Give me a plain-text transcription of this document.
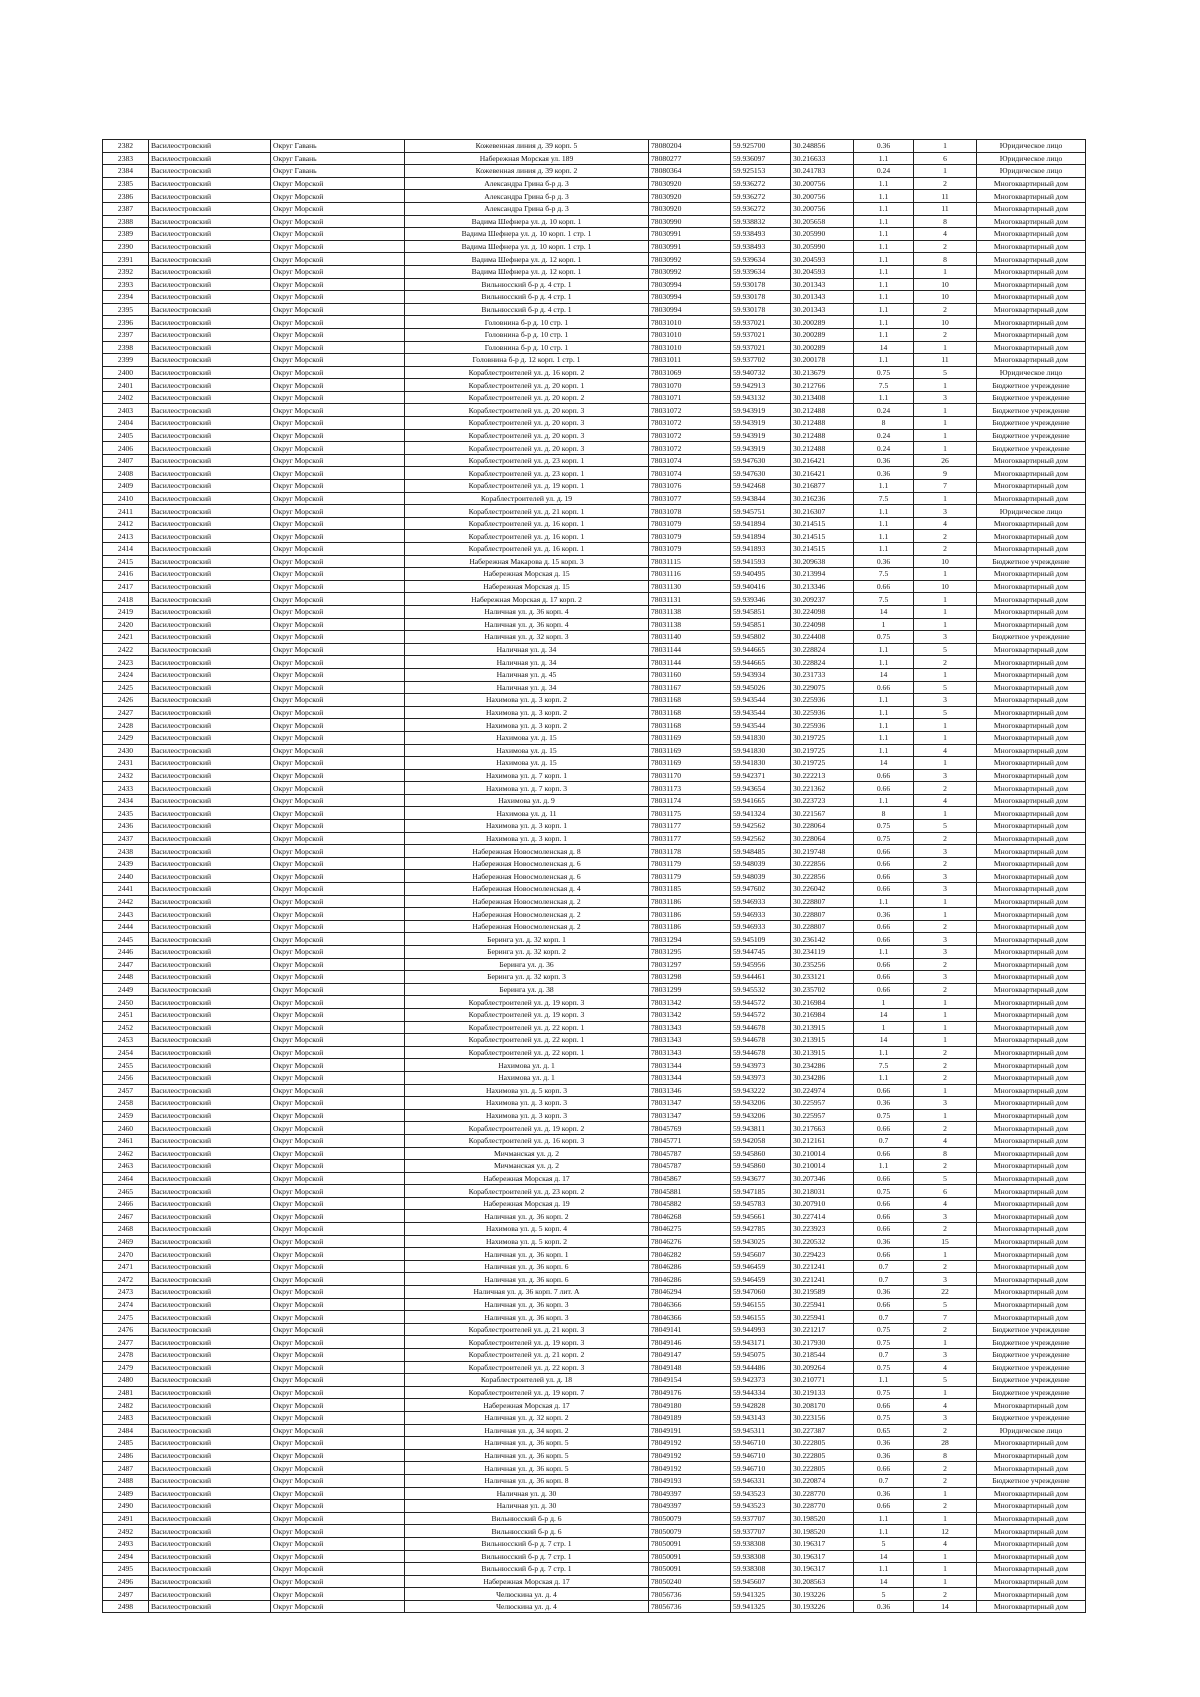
2382	Василеостровский	Округ Гавань	Кожевенная линия д. 39 корп. 5	78080204	59.925700	30.248856	0.36	1	Юридическое лицо
2383	Василеостровский	Округ Гавань	Набережная Морская ул. 189	78080277	59.936097	30.216633	1.1	6	Юридическое лицо
2384	Василеостровский	Округ Гавань	Кожевенная линия д. 39 корп. 2	78080364	59.925153	30.241783	0.24	1	Юридическое лицо
2385	Василеостровский	Округ Морской	Александра Грина б-р д. 3	78030920	59.936272	30.200756	1.1	2	Многоквартирный дом
2386	Василеостровский	Округ Морской	Александра Грина б-р д. 3	78030920	59.936272	30.200756	1.1	11	Многоквартирный дом
2387	Василеостровский	Округ Морской	Александра Грина б-р д. 3	78030920	59.936272	30.200756	1.1	11	Многоквартирный дом
2388	Василеостровский	Округ Морской	Вадима Шефнера ул. д. 10 корп. 1	78030990	59.938832	30.205658	1.1	8	Многоквартирный дом
2389	Василеостровский	Округ Морской	Вадима Шефнера ул. д. 10 корп. 1 стр. 1	78030991	59.938493	30.205990	1.1	4	Многоквартирный дом
2390	Василеостровский	Округ Морской	Вадима Шефнера ул. д. 10 корп. 1 стр. 1	78030991	59.938493	30.205990	1.1	2	Многоквартирный дом
2391	Василеостровский	Округ Морской	Вадима Шефнера ул. д. 12 корп. 1	78030992	59.939634	30.204593	1.1	8	Многоквартирный дом
2392	Василеостровский	Округ Морской	Вадима Шефнера ул. д. 12 корп. 1	78030992	59.939634	30.204593	1.1	1	Многоквартирный дом
2393	Василеостровский	Округ Морской	Вильнюсский б-р д. 4 стр. 1	78030994	59.930178	30.201343	1.1	10	Многоквартирный дом
2394	Василеостровский	Округ Морской	Вильнюсский б-р д. 4 стр. 1	78030994	59.930178	30.201343	1.1	10	Многоквартирный дом
2395	Василеостровский	Округ Морской	Вильнюсский б-р д. 4 стр. 1	78030994	59.930178	30.201343	1.1	2	Многоквартирный дом
2396	Василеостровский	Округ Морской	Головнина б-р д. 10 стр. 1	78031010	59.937021	30.200289	1.1	10	Многоквартирный дом
2397	Василеостровский	Округ Морской	Головнина б-р д. 10 стр. 1	78031010	59.937021	30.200289	1.1	2	Многоквартирный дом
2398	Василеостровский	Округ Морской	Головнина б-р д. 10 стр. 1	78031010	59.937021	30.200289	14	1	Многоквартирный дом
2399	Василеостровский	Округ Морской	Головнина б-р д. 12 корп. 1 стр. 1	78031011	59.937702	30.200178	1.1	11	Многоквартирный дом
2400	Василеостровский	Округ Морской	Кораблестроителей ул. д. 16 корп. 2	78031069	59.940732	30.213679	0.75	5	Юридическое лицо
2401	Василеостровский	Округ Морской	Кораблестроителей ул. д. 20 корп. 1	78031070	59.942913	30.212766	7.5	1	Бюджетное учреждение
2402	Василеостровский	Округ Морской	Кораблестроителей ул. д. 20 корп. 2	78031071	59.943132	30.213408	1.1	3	Бюджетное учреждение
2403	Василеостровский	Округ Морской	Кораблестроителей ул. д. 20 корп. 3	78031072	59.943919	30.212488	0.24	1	Бюджетное учреждение
2404	Василеостровский	Округ Морской	Кораблестроителей ул. д. 20 корп. 3	78031072	59.943919	30.212488	8	1	Бюджетное учреждение
2405	Василеостровский	Округ Морской	Кораблестроителей ул. д. 20 корп. 3	78031072	59.943919	30.212488	0.24	1	Бюджетное учреждение
2406	Василеостровский	Округ Морской	Кораблестроителей ул. д. 20 корп. 3	78031072	59.943919	30.212488	0.24	1	Бюджетное учреждение
2407	Василеостровский	Округ Морской	Кораблестроителей ул. д. 23 корп. 1	78031074	59.947630	30.216421	0.36	26	Многоквартирный дом
2408	Василеостровский	Округ Морской	Кораблестроителей ул. д. 23 корп. 1	78031074	59.947630	30.216421	0.36	9	Многоквартирный дом
2409	Василеостровский	Округ Морской	Кораблестроителей ул. д. 19 корп. 1	78031076	59.942468	30.216877	1.1	7	Многоквартирный дом
2410	Василеостровский	Округ Морской	Кораблестроителей ул. д. 19	78031077	59.943844	30.216236	7.5	1	Многоквартирный дом
2411	Василеостровский	Округ Морской	Кораблестроителей ул. д. 21 корп. 1	78031078	59.945751	30.216307	1.1	3	Юридическое лицо
2412	Василеостровский	Округ Морской	Кораблестроителей ул. д. 16 корп. 1	78031079	59.941894	30.214515	1.1	4	Многоквартирный дом
2413	Василеостровский	Округ Морской	Кораблестроителей ул. д. 16 корп. 1	78031079	59.941894	30.214515	1.1	2	Многоквартирный дом
2414	Василеостровский	Округ Морской	Кораблестроителей ул. д. 16 корп. 1	78031079	59.941893	30.214515	1.1	2	Многоквартирный дом
2415	Василеостровский	Округ Морской	Набережная Макарова д. 15 корп. 3	78031115	59.941593	30.209638	0.36	10	Бюджетное учреждение
2416	Василеостровский	Округ Морской	Набережная Морская д. 15	78031116	59.940495	30.213994	7.5	1	Многоквартирный дом
2417	Василеостровский	Округ Морской	Набережная Морская д. 15	78031130	59.940416	30.213346	0.66	10	Многоквартирный дом
2418	Василеостровский	Округ Морской	Набережная Морская д. 17 корп. 2	78031131	59.939346	30.209237	7.5	1	Многоквартирный дом
2419	Василеостровский	Округ Морской	Наличная ул. д. 36 корп. 4	78031138	59.945851	30.224098	14	1	Многоквартирный дом
2420	Василеостровский	Округ Морской	Наличная ул. д. 36 корп. 4	78031138	59.945851	30.224098	1	1	Многоквартирный дом
2421	Василеостровский	Округ Морской	Наличная ул. д. 32 корп. 3	78031140	59.945802	30.224408	0.75	3	Бюджетное учреждение
2422	Василеостровский	Округ Морской	Наличная ул. д. 34	78031144	59.944665	30.228824	1.1	5	Многоквартирный дом
2423	Василеостровский	Округ Морской	Наличная ул. д. 34	78031144	59.944665	30.228824	1.1	2	Многоквартирный дом
2424	Василеостровский	Округ Морской	Наличная ул. д. 45	78031160	59.943934	30.231733	14	1	Многоквартирный дом
2425	Василеостровский	Округ Морской	Наличная ул. д. 34	78031167	59.945026	30.229075	0.66	5	Многоквартирный дом
2426	Василеостровский	Округ Морской	Нахимова ул. д. 3 корп. 2	78031168	59.943544	30.225936	1.1	3	Многоквартирный дом
2427	Василеостровский	Округ Морской	Нахимова ул. д. 3 корп. 2	78031168	59.943544	30.225936	1.1	5	Многоквартирный дом
2428	Василеостровский	Округ Морской	Нахимова ул. д. 3 корп. 2	78031168	59.943544	30.225936	1.1	1	Многоквартирный дом
2429	Василеостровский	Округ Морской	Нахимова ул. д. 15	78031169	59.941830	30.219725	1.1	1	Многоквартирный дом
2430	Василеостровский	Округ Морской	Нахимова ул. д. 15	78031169	59.941830	30.219725	1.1	4	Многоквартирный дом
2431	Василеостровский	Округ Морской	Нахимова ул. д. 15	78031169	59.941830	30.219725	14	1	Многоквартирный дом
2432	Василеостровский	Округ Морской	Нахимова ул. д. 7 корп. 1	78031170	59.942371	30.222213	0.66	3	Многоквартирный дом
2433	Василеостровский	Округ Морской	Нахимова ул. д. 7 корп. 3	78031173	59.943654	30.221362	0.66	2	Многоквартирный дом
2434	Василеостровский	Округ Морской	Нахимова ул. д. 9	78031174	59.941665	30.223723	1.1	4	Многоквартирный дом
2435	Василеостровский	Округ Морской	Нахимова ул. д. 11	78031175	59.941324	30.221567	8	1	Многоквартирный дом
2436	Василеостровский	Округ Морской	Нахимова ул. д. 3 корп. 1	78031177	59.942562	30.228064	0.75	5	Многоквартирный дом
2437	Василеостровский	Округ Морской	Нахимова ул. д. 3 корп. 1	78031177	59.942562	30.228064	0.75	2	Многоквартирный дом
2438	Василеостровский	Округ Морской	Набережная Новосмоленская д. 8	78031178	59.948485	30.219748	0.66	3	Многоквартирный дом
2439	Василеостровский	Округ Морской	Набережная Новосмоленская д. 6	78031179	59.948039	30.222856	0.66	2	Многоквартирный дом
2440	Василеостровский	Округ Морской	Набережная Новосмоленская д. 6	78031179	59.948039	30.222856	0.66	3	Многоквартирный дом
2441	Василеостровский	Округ Морской	Набережная Новосмоленская д. 4	78031185	59.947602	30.226042	0.66	3	Многоквартирный дом
2442	Василеостровский	Округ Морской	Набережная Новосмоленская д. 2	78031186	59.946933	30.228807	1.1	1	Многоквартирный дом
2443	Василеостровский	Округ Морской	Набережная Новосмоленская д. 2	78031186	59.946933	30.228807	0.36	1	Многоквартирный дом
2444	Василеостровский	Округ Морской	Набережная Новосмоленская д. 2	78031186	59.946933	30.228807	0.66	2	Многоквартирный дом
2445	Василеостровский	Округ Морской	Беринга ул. д. 32 корп. 1	78031294	59.945109	30.236142	0.66	3	Многоквартирный дом
2446	Василеостровский	Округ Морской	Беринга ул. д. 32 корп. 2	78031295	59.944745	30.234119	1.1	3	Многоквартирный дом
2447	Василеостровский	Округ Морской	Беринга ул. д. 36	78031297	59.945956	30.235256	0.66	2	Многоквартирный дом
2448	Василеостровский	Округ Морской	Беринга ул. д. 32 корп. 3	78031298	59.944461	30.233121	0.66	3	Многоквартирный дом
2449	Василеостровский	Округ Морской	Беринга ул. д. 38	78031299	59.945532	30.235702	0.66	2	Многоквартирный дом
2450	Василеостровский	Округ Морской	Кораблестроителей ул. д. 19 корп. 3	78031342	59.944572	30.216984	1	1	Многоквартирный дом
2451	Василеостровский	Округ Морской	Кораблестроителей ул. д. 19 корп. 3	78031342	59.944572	30.216984	14	1	Многоквартирный дом
2452	Василеостровский	Округ Морской	Кораблестроителей ул. д. 22 корп. 1	78031343	59.944678	30.213915	1	1	Многоквартирный дом
2453	Василеостровский	Округ Морской	Кораблестроителей ул. д. 22 корп. 1	78031343	59.944678	30.213915	14	1	Многоквартирный дом
2454	Василеостровский	Округ Морской	Кораблестроителей ул. д. 22 корп. 1	78031343	59.944678	30.213915	1.1	2	Многоквартирный дом
2455	Василеостровский	Округ Морской	Нахимова ул. д. 1	78031344	59.943973	30.234286	7.5	2	Многоквартирный дом
2456	Василеостровский	Округ Морской	Нахимова ул. д. 1	78031344	59.943973	30.234286	1.1	2	Многоквартирный дом
2457	Василеостровский	Округ Морской	Нахимова ул. д. 5 корп. 3	78031346	59.943222	30.224974	0.66	1	Многоквартирный дом
2458	Василеостровский	Округ Морской	Нахимова ул. д. 3 корп. 3	78031347	59.943206	30.225957	0.36	3	Многоквартирный дом
2459	Василеостровский	Округ Морской	Нахимова ул. д. 3 корп. 3	78031347	59.943206	30.225957	0.75	1	Многоквартирный дом
2460	Василеостровский	Округ Морской	Кораблестроителей ул. д. 19 корп. 2	78045769	59.943811	30.217663	0.66	2	Многоквартирный дом
2461	Василеостровский	Округ Морской	Кораблестроителей ул. д. 16 корп. 3	78045771	59.942058	30.212161	0.7	4	Многоквартирный дом
2462	Василеостровский	Округ Морской	Мичманская ул. д. 2	78045787	59.945860	30.210014	0.66	8	Многоквартирный дом
2463	Василеостровский	Округ Морской	Мичманская ул. д. 2	78045787	59.945860	30.210014	1.1	2	Многоквартирный дом
2464	Василеостровский	Округ Морской	Набережная Морская д. 17	78045867	59.943677	30.207346	0.66	5	Многоквартирный дом
2465	Василеостровский	Округ Морской	Кораблестроителей ул. д. 23 корп. 2	78045881	59.947185	30.218031	0.75	6	Многоквартирный дом
2466	Василеостровский	Округ Морской	Набережная Морская д. 19	78045882	59.945783	30.207910	0.66	4	Многоквартирный дом
2467	Василеостровский	Округ Морской	Наличная ул. д. 36 корп. 2	78046268	59.945661	30.227414	0.66	3	Многоквартирный дом
2468	Василеостровский	Округ Морской	Нахимова ул. д. 5 корп. 4	78046275	59.942785	30.223923	0.66	2	Многоквартирный дом
2469	Василеостровский	Округ Морской	Нахимова ул. д. 5 корп. 2	78046276	59.943025	30.220532	0.36	15	Многоквартирный дом
2470	Василеостровский	Округ Морской	Наличная ул. д. 36 корп. 1	78046282	59.945607	30.229423	0.66	1	Многоквартирный дом
2471	Василеостровский	Округ Морской	Наличная ул. д. 36 корп. 6	78046286	59.946459	30.221241	0.7	2	Многоквартирный дом
2472	Василеостровский	Округ Морской	Наличная ул. д. 36 корп. 6	78046286	59.946459	30.221241	0.7	3	Многоквартирный дом
2473	Василеостровский	Округ Морской	Наличная ул. д. 36 корп. 7 лит. А	78046294	59.947060	30.219589	0.36	22	Многоквартирный дом
2474	Василеостровский	Округ Морской	Наличная ул. д. 36 корп. 3	78046366	59.946155	30.225941	0.66	5	Многоквартирный дом
2475	Василеостровский	Округ Морской	Наличная ул. д. 36 корп. 3	78046366	59.946155	30.225941	0.7	7	Многоквартирный дом
2476	Василеостровский	Округ Морской	Кораблестроителей ул. д. 21 корп. 3	78049141	59.944993	30.221217	0.75	2	Бюджетное учреждение
2477	Василеостровский	Округ Морской	Кораблестроителей ул. д. 19 корп. 3	78049146	59.943171	30.217930	0.75	1	Бюджетное учреждение
2478	Василеостровский	Округ Морской	Кораблестроителей ул. д. 21 корп. 2	78049147	59.945075	30.218544	0.7	3	Бюджетное учреждение
2479	Василеостровский	Округ Морской	Кораблестроителей ул. д. 22 корп. 3	78049148	59.944486	30.209264	0.75	4	Бюджетное учреждение
2480	Василеостровский	Округ Морской	Кораблестроителей ул. д. 18	78049154	59.942373	30.210771	1.1	5	Бюджетное учреждение
2481	Василеостровский	Округ Морской	Кораблестроителей ул. д. 19 корп. 7	78049176	59.944334	30.219133	0.75	1	Бюджетное учреждение
2482	Василеостровский	Округ Морской	Набережная Морская д. 17	78049180	59.942828	30.208170	0.66	4	Многоквартирный дом
2483	Василеостровский	Округ Морской	Наличная ул. д. 32 корп. 2	78049189	59.943143	30.223156	0.75	3	Бюджетное учреждение
2484	Василеостровский	Округ Морской	Наличная ул. д. 34 корп. 2	78049191	59.945311	30.227387	0.65	2	Юридическое лицо
2485	Василеостровский	Округ Морской	Наличная ул. д. 36 корп. 5	78049192	59.946710	30.222805	0.36	28	Многоквартирный дом
2486	Василеостровский	Округ Морской	Наличная ул. д. 36 корп. 5	78049192	59.946710	30.222805	0.36	8	Многоквартирный дом
2487	Василеостровский	Округ Морской	Наличная ул. д. 36 корп. 5	78049192	59.946710	30.222805	0.66	2	Многоквартирный дом
2488	Василеостровский	Округ Морской	Наличная ул. д. 36 корп. 8	78049193	59.946331	30.220874	0.7	2	Бюджетное учреждение
2489	Василеостровский	Округ Морской	Наличная ул. д. 30	78049397	59.943523	30.228770	0.36	1	Многоквартирный дом
2490	Василеостровский	Округ Морской	Наличная ул. д. 30	78049397	59.943523	30.228770	0.66	2	Многоквартирный дом
2491	Василеостровский	Округ Морской	Вильнюсский б-р д. 6	78050079	59.937707	30.198520	1.1	1	Многоквартирный дом
2492	Василеостровский	Округ Морской	Вильнюсский б-р д. 6	78050079	59.937707	30.198520	1.1	12	Многоквартирный дом
2493	Василеостровский	Округ Морской	Вильнюсский б-р д. 7 стр. 1	78050091	59.938308	30.196317	5	4	Многоквартирный дом
2494	Василеостровский	Округ Морской	Вильнюсский б-р д. 7 стр. 1	78050091	59.938308	30.196317	14	1	Многоквартирный дом
2495	Василеостровский	Округ Морской	Вильнюсский б-р д. 7 стр. 1	78050091	59.938308	30.196317	1.1	1	Многоквартирный дом
2496	Василеостровский	Округ Морской	Набережная Морская д. 17	78050240	59.945607	30.208563	14	1	Многоквартирный дом
2497	Василеостровский	Округ Морской	Челюскина ул. д. 4	78056736	59.941325	30.193226	5	2	Многоквартирный дом
2498	Василеостровский	Округ Морской	Челюскина ул. д. 4	78056736	59.941325	30.193226	0.36	14	Многоквартирный дом
